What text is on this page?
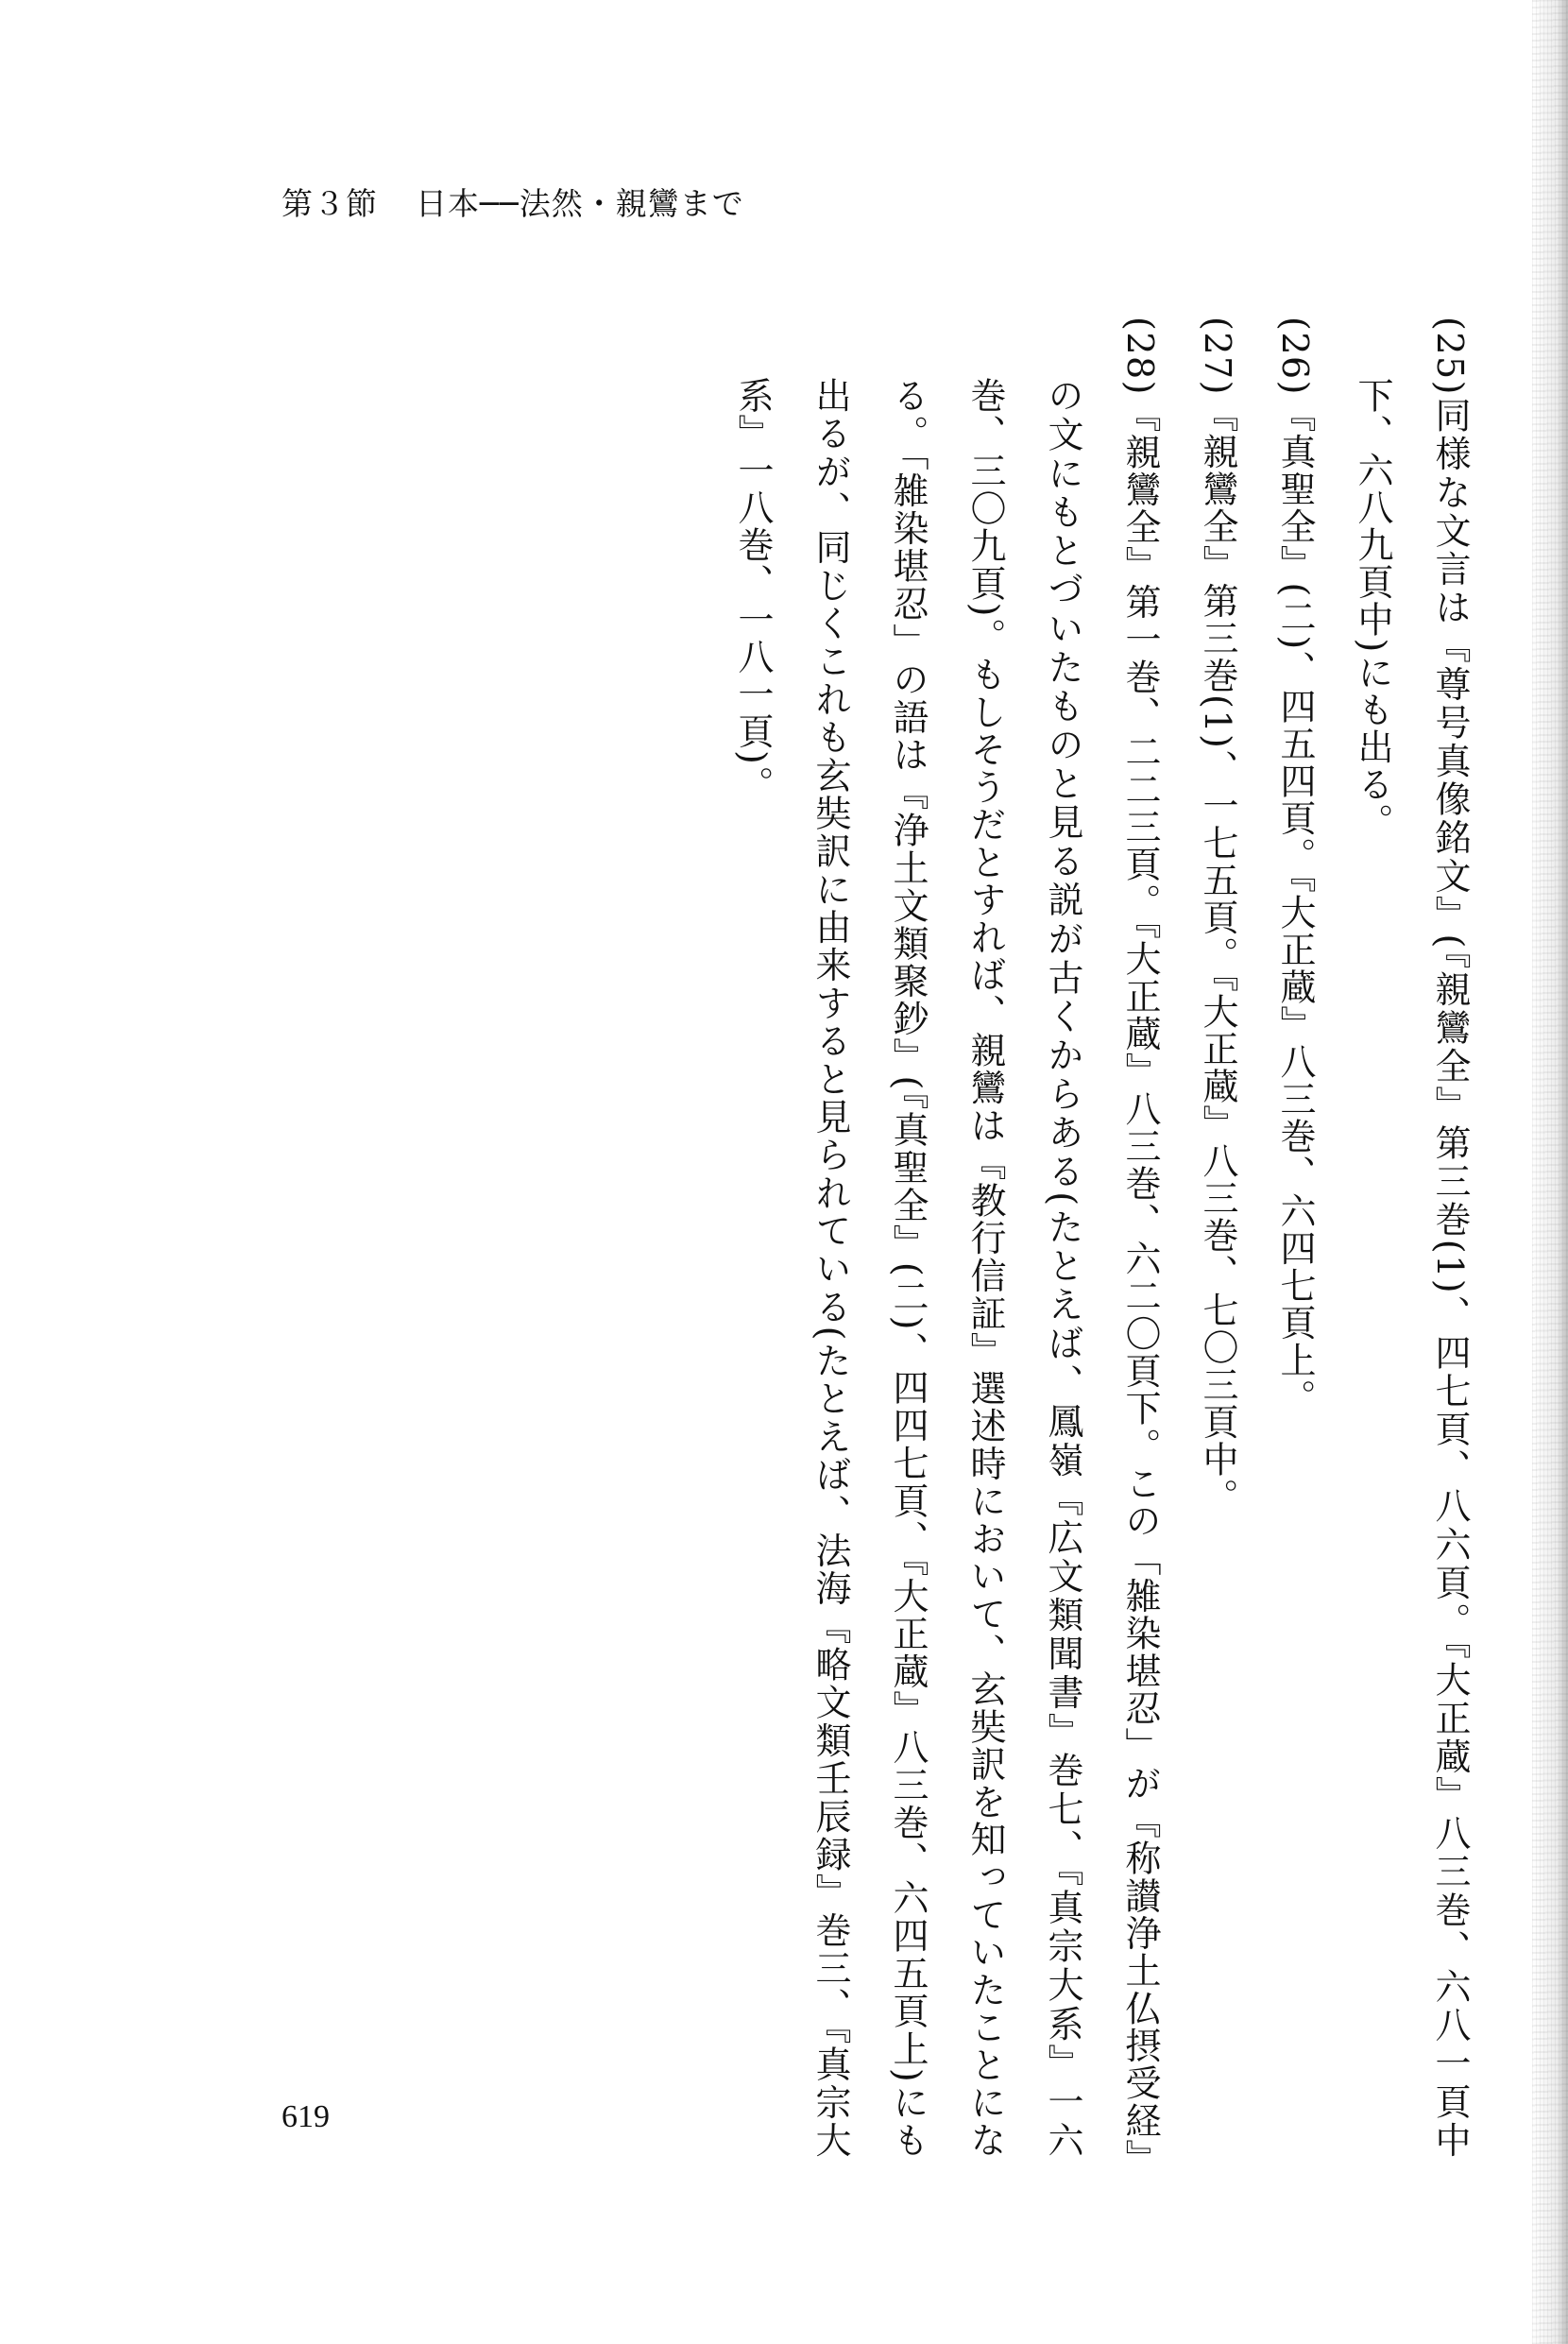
第３節 日本──法然・親鸞まで

(25)同様な文言は『尊号真像銘文』(『親鸞全』第三巻(1)、四七頁、八六頁。『大正蔵』八三巻、六八一頁中下、六八九頁中)にも出る。

(26)『真聖全』(二)、四五四頁。『大正蔵』八三巻、六四七頁上。

(27)『親鸞全』第三巻(1)、一七五頁。『大正蔵』八三巻、七〇三頁中。

(28)『親鸞全』第一巻、二二三頁。『大正蔵』八三巻、六二〇頁下。この「雑染堪忍」が『称讃浄土仏摂受経』の文にもとづいたものと見る説が古くからある(たとえば、鳳嶺『広文類聞書』巻七、『真宗大系』一六巻、三〇九頁)。もしそうだとすれば、親鸞は『教行信証』選述時において、玄奘訳を知っていたことになる。「雑染堪忍」の語は『浄土文類聚鈔』(『真聖全』(二)、四四七頁、『大正蔵』八三巻、六四五頁上)にも出るが、同じくこれも玄奘訳に由来すると見られている(たとえば、法海『略文類壬辰録』巻三、『真宗大系』一八巻、一八一頁)。

619
